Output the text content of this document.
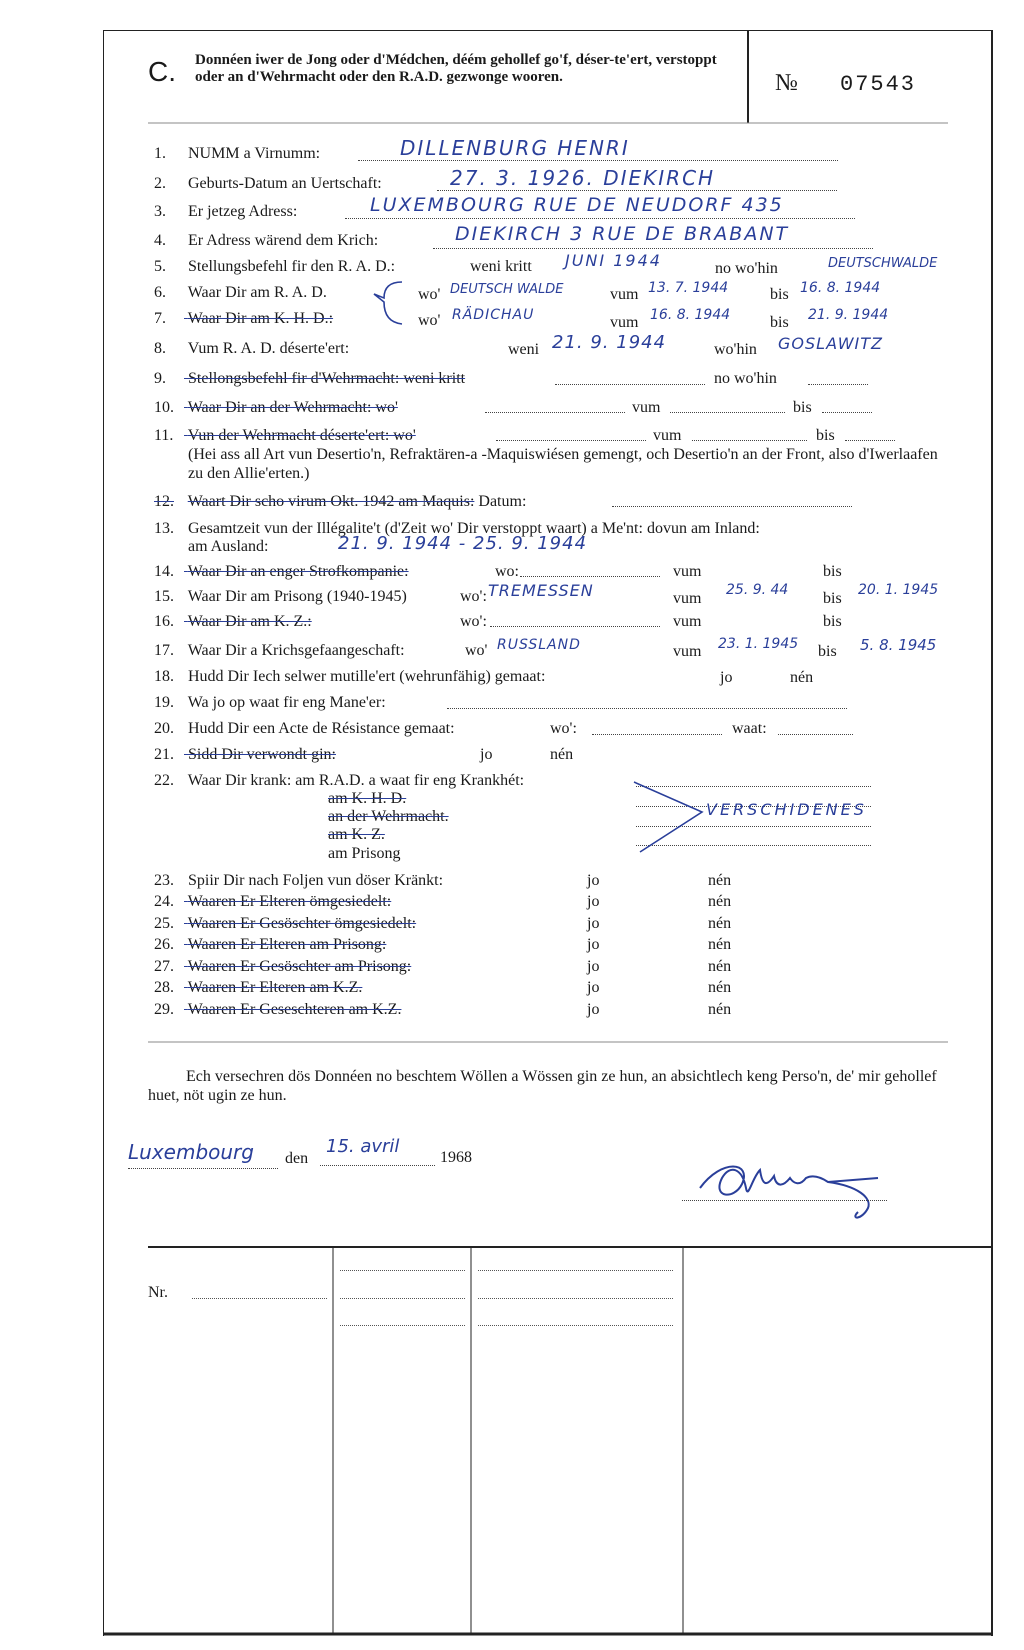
C. Donnéen iwer de Jong oder d'Médchen, déém gehollef go'f, déser-te'ert, verstoppt oder an d'Wehrmacht oder den R.A.D. gezwonge wooren.	№ 07543
1. NUMM a Virnumm:	DILLENBURG HENRI
2. Geburts-Datum an Uertschaft:	27. 3. 1926. DIEKIRCH
3. Er jetzeg Adress:	LUXEMBOURG RUE DE NEUDORF 435
4. Er Adress wärend dem Krich:	DIEKIRCH 3 RUE DE BRABANT
5. Stellungsbefehl fir den R. A. D.:	weni kritt JUNI 1944	no wo'hin	DEUTSCHWALDE
6. Waar Dir am R. A. D.	wo' DEUTSCH WALDE	vum 13. 7. 1944	bis 16. 8. 1944
7. Waar Dir am K. H. D.:	wo' RÄDICHAU	vum 16. 8. 1944 bis 21. 9. 1944
8. Vum R. A. D. déserte'ert:	weni 21. 9. 1944	wo'hin GOSLAWITZ
9. Stellongsbefehl fir d'Wehrmacht: weni kritt	no wo'hin
10. Waar Dir an der Wehrmacht: wo'	vum	bis
11. Vun der Wehrmacht déserte'ert: wo'	vum	bis
(Hei ass all Art vun Desertio'n, Refraktären-a -Maquiswiésen gemengt, och Desertio'n an der Front, also d'Iwerlaafen zu den Allie'erten.)
12. Waart Dir scho virum Okt. 1942 am Maquis: Datum:
13. Gesamtzeit vun der Illégalite't (d'Zeit wo' Dir verstoppt waart) a Me'nt: dovun am Inland:
am Ausland:	21. 9. 1944 - 25. 9. 1944
14. Waar Dir an enger Strofkompanie:	wo:	vum	bis
15. Waar Dir am Prisong (1940-1945)	wo': TREMESSEN	vum 25. 9. 44 bis 20. 1. 1945
16. Waar Dir am K. Z.:	wo':	vum	bis
17. Waar Dir a Krichsgefaangeschaft:	wo' RUSSLAND	vum 23. 1. 1945 bis 5. 8. 1945
18. Hudd Dir Iech selwer mutille'ert (wehrunfähig) gemaat:	jo	nén
19. Wa jo op waat fir eng Mane'er:
20. Hudd Dir een Acte de Résistance gemaat:	wo':	waat:
21. Sidd Dir verwondt gin:	jo	nén
22. Waar Dir krank: am R.A.D. a waat fir eng Krankhét:
am K. H. D.
an der Wehrmacht.
am K. Z.
am Prisong
VERSCHIDENES
23. Spiir Dir nach Foljen vun döser Kränkt:	jo	nén
24. Waaren Er Elteren ömgesiedelt:	jo	nén
25. Waaren Er Gesöschter ömgesiedelt:	jo	nén
26. Waaren Er Elteren am Prisong:	jo	nén
27. Waaren Er Gesöschter am Prisong:	jo	nén
28. Waaren Er Elteren am K.Z.	jo	nén
29. Waaren Er Geseschteren am K.Z.	jo	nén
Ech versechren dös Donnéen no beschtem Wöllen a Wössen gin ze hun, an absichtlech keng Perso'n, de' mir gehollef huet, nöt ugin ze hun.
Luxembourg den
15. avril
1968
Nr.
